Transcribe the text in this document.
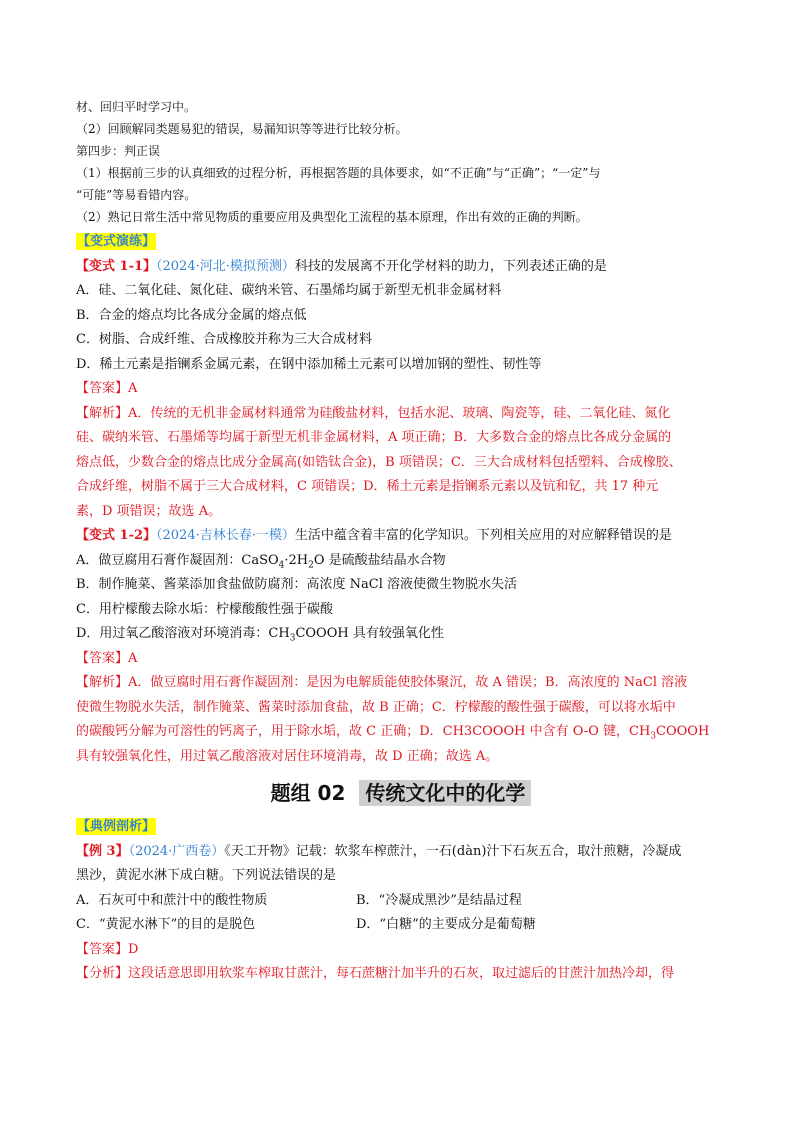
材、回归平时学习中。
（2）回顾解同类题易犯的错误，易漏知识等等进行比较分析。
第四步：判正误
（1）根据前三步的认真细致的过程分析，再根据答题的具体要求，如“不正确”与“正确”；“一定”与
“可能”等易看错内容。
（2）熟记日常生活中常见物质的重要应用及典型化工流程的基本原理，作出有效的正确的判断。
【变式演练】
【变式 1-1】（2024·河北·模拟预测）科技的发展离不开化学材料的助力，下列表述正确的是
A．硅、二氧化硅、氮化硅、碳纳米管、石墨烯均属于新型无机非金属材料
B．合金的熔点均比各成分金属的熔点低
C．树脂、合成纤维、合成橡胶并称为三大合成材料
D．稀土元素是指镧系金属元素，在钢中添加稀土元素可以增加钢的塑性、韧性等
【答案】A
【解析】A．传统的无机非金属材料通常为硅酸盐材料，包括水泥、玻璃、陶瓷等，硅、二氧化硅、氮化
硅、碳纳米管、石墨烯等均属于新型无机非金属材料，A 项正确；B．大多数合金的熔点比各成分金属的
熔点低，少数合金的熔点比成分金属高(如锆钛合金)，B 项错误；C．三大合成材料包括塑料、合成橡胶、
合成纤维，树脂不属于三大合成材料，C 项错误；D．稀土元素是指镧系元素以及钪和钇，共 17 种元
素，D 项错误；故选 A。
【变式 1-2】（2024·吉林长春·一模）生活中蕴含着丰富的化学知识。下列相关应用的对应解释错误的是
A．做豆腐用石膏作凝固剂：$CaSO_4\cdot 2H_2O$ 是硫酸盐结晶水合物
B．制作腌菜、酱菜添加食盐做防腐剂：高浓度 NaCl 溶液使微生物脱水失活
C．用柠檬酸去除水垢：柠檬酸酸性强于碳酸
D．用过氧乙酸溶液对环境消毒：$CH_3COOOH$ 具有较强氧化性
【答案】A
【解析】A．做豆腐时用石膏作凝固剂：是因为电解质能使胶体聚沉，故 A 错误；B．高浓度的 NaCl 溶液
使微生物脱水失活，制作腌菜、酱菜时添加食盐，故 B 正确；C．柠檬酸的酸性强于碳酸，可以将水垢中
的碳酸钙分解为可溶性的钙离子，用于除水垢，故 C 正确；D．CH3COOOH 中含有 O-O 键，$CH_3COOOH$
具有较强氧化性，用过氧乙酸溶液对居住环境消毒，故 D 正确；故选 A。
题组 02 传统文化中的化学
【典例剖析】
【例 3】（2024·广西卷）《天工开物》记载：软浆车榨蔗汁，一石(dàn)汁下石灰五合，取汁煎糖，冷凝成
黑沙，黄泥水淋下成白糖。下列说法错误的是
A．石灰可中和蔗汁中的酸性物质	B．“冷凝成黑沙”是结晶过程
C．“黄泥水淋下”的目的是脱色	D．“白糖”的主要成分是葡萄糖
【答案】D
【分析】这段话意思即用软浆车榨取甘蔗汁，每石蔗糖汁加半升的石灰，取过滤后的甘蔗汁加热冷却，得
